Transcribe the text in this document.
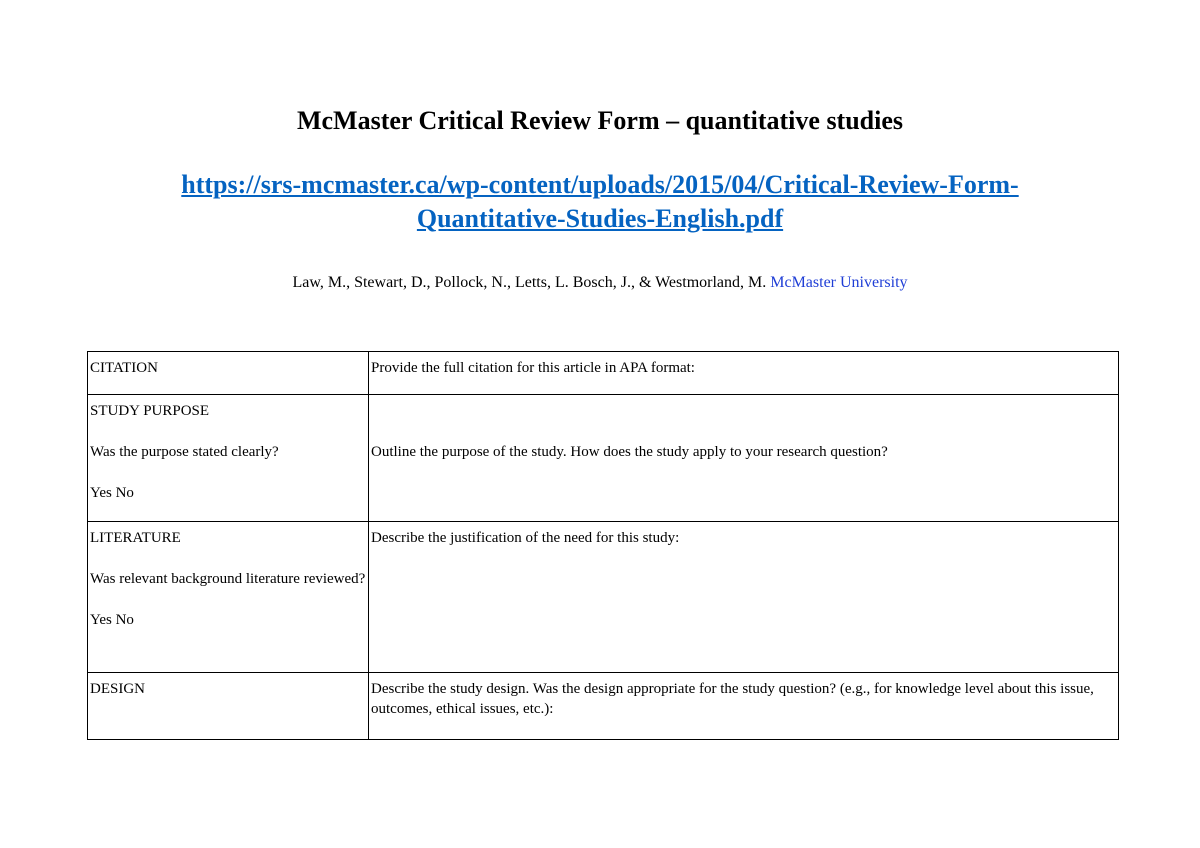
McMaster Critical Review Form – quantitative studies
https://srs-mcmaster.ca/wp-content/uploads/2015/04/Critical-Review-Form-
Quantitative-Studies-English.pdf
Law, M., Stewart, D., Pollock, N., Letts, L. Bosch, J., & Westmorland, M. McMaster University

CITATION	Provide the full citation for this article in APA format:

STUDY PURPOSE

Was the purpose stated clearly?

Yes No	Outline the purpose of the study. How does the study apply to your research question?

LITERATURE

Was relevant background literature reviewed?

Yes No	Describe the justification of the need for this study:

DESIGN	Describe the study design. Was the design appropriate for the study question? (e.g., for knowledge level about this issue, outcomes, ethical issues, etc.):
